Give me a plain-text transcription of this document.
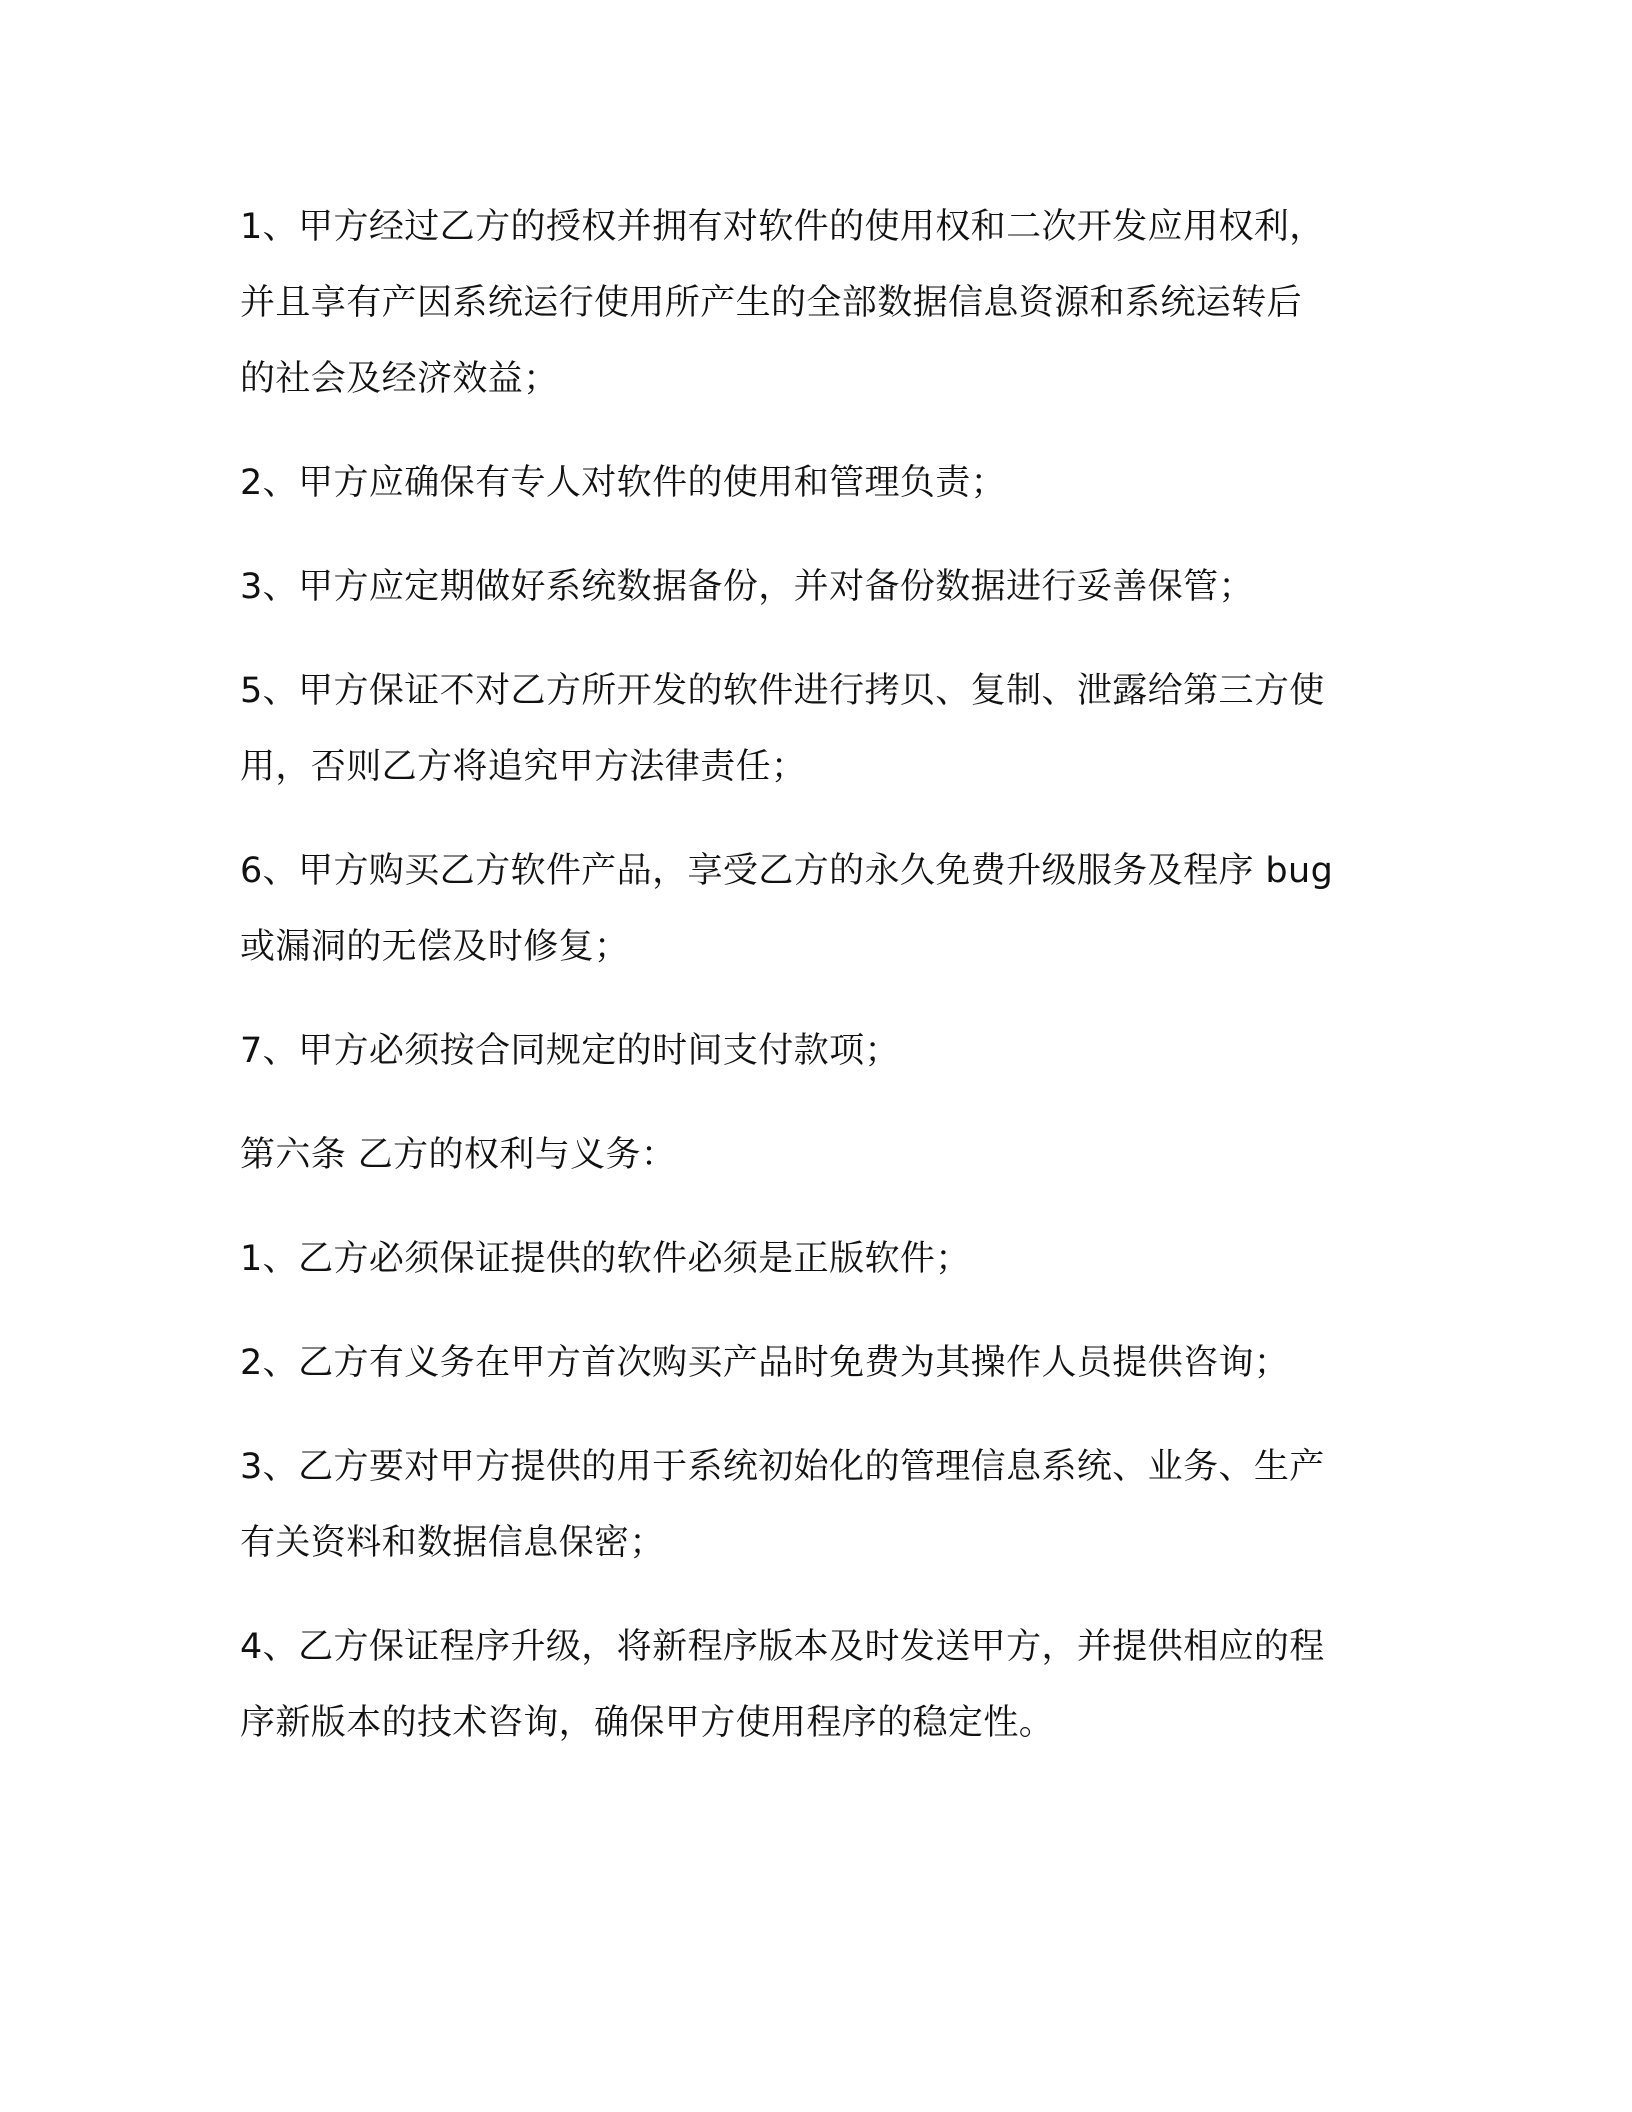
1、甲方经过乙方的授权并拥有对软件的使用权和二次开发应用权利，
并且享有产因系统运行使用所产生的全部数据信息资源和系统运转后
的社会及经济效益；

2、甲方应确保有专人对软件的使用和管理负责；

3、甲方应定期做好系统数据备份，并对备份数据进行妥善保管；

5、甲方保证不对乙方所开发的软件进行拷贝、复制、泄露给第三方使
用，否则乙方将追究甲方法律责任；

6、甲方购买乙方软件产品，享受乙方的永久免费升级服务及程序 bug
或漏洞的无偿及时修复；

7、甲方必须按合同规定的时间支付款项；

第六条 乙方的权利与义务：

1、乙方必须保证提供的软件必须是正版软件；

2、乙方有义务在甲方首次购买产品时免费为其操作人员提供咨询；

3、乙方要对甲方提供的用于系统初始化的管理信息系统、业务、生产
有关资料和数据信息保密；

4、乙方保证程序升级，将新程序版本及时发送甲方，并提供相应的程
序新版本的技术咨询，确保甲方使用程序的稳定性。
